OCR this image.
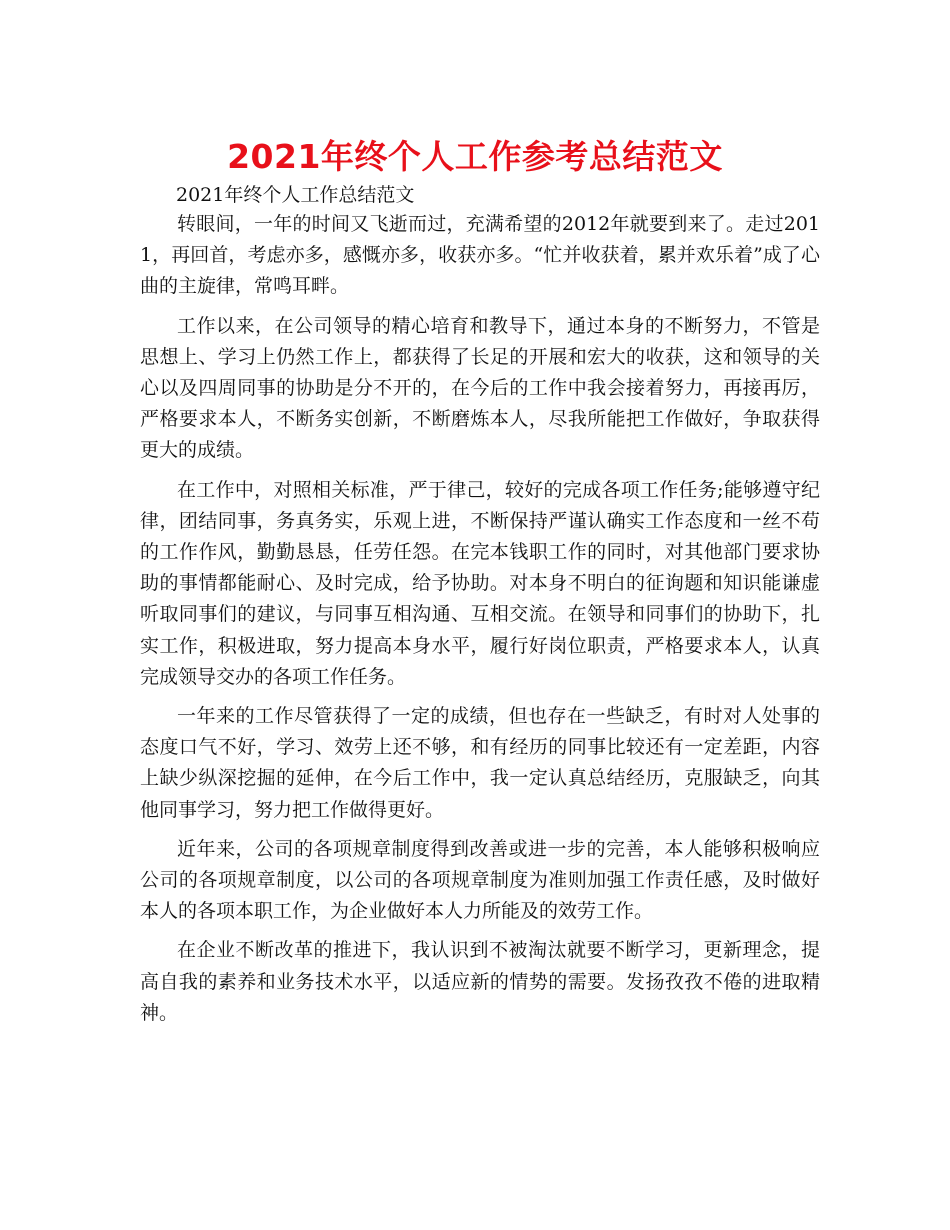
2021年终个人工作参考总结范文

2021年终个人工作总结范文

转眼间，一年的时间又飞逝而过，充满希望的2012年就要到来了。走过2011，再回首，考虑亦多，感慨亦多，收获亦多。“忙并收获着，累并欢乐着”成了心曲的主旋律，常鸣耳畔。

工作以来，在公司领导的精心培育和教导下，通过本身的不断努力，不管是思想上、学习上仍然工作上，都获得了长足的开展和宏大的收获，这和领导的关心以及四周同事的协助是分不开的，在今后的工作中我会接着努力，再接再厉，严格要求本人，不断务实创新，不断磨炼本人，尽我所能把工作做好，争取获得更大的成绩。

在工作中，对照相关标准，严于律己，较好的完成各项工作任务;能够遵守纪律，团结同事，务真务实，乐观上进，不断保持严谨认确实工作态度和一丝不苟的工作作风，勤勤恳恳，任劳任怨。在完本钱职工作的同时，对其他部门要求协助的事情都能耐心、及时完成，给予协助。对本身不明白的征询题和知识能谦虚听取同事们的建议，与同事互相沟通、互相交流。在领导和同事们的协助下，扎实工作，积极进取，努力提高本身水平，履行好岗位职责，严格要求本人，认真完成领导交办的各项工作任务。

一年来的工作尽管获得了一定的成绩，但也存在一些缺乏，有时对人处事的态度口气不好，学习、效劳上还不够，和有经历的同事比较还有一定差距，内容上缺少纵深挖掘的延伸，在今后工作中，我一定认真总结经历，克服缺乏，向其他同事学习，努力把工作做得更好。

近年来，公司的各项规章制度得到改善或进一步的完善，本人能够积极响应公司的各项规章制度，以公司的各项规章制度为准则加强工作责任感，及时做好本人的各项本职工作，为企业做好本人力所能及的效劳工作。

在企业不断改革的推进下，我认识到不被淘汰就要不断学习，更新理念，提高自我的素养和业务技术水平，以适应新的情势的需要。发扬孜孜不倦的进取精神。
